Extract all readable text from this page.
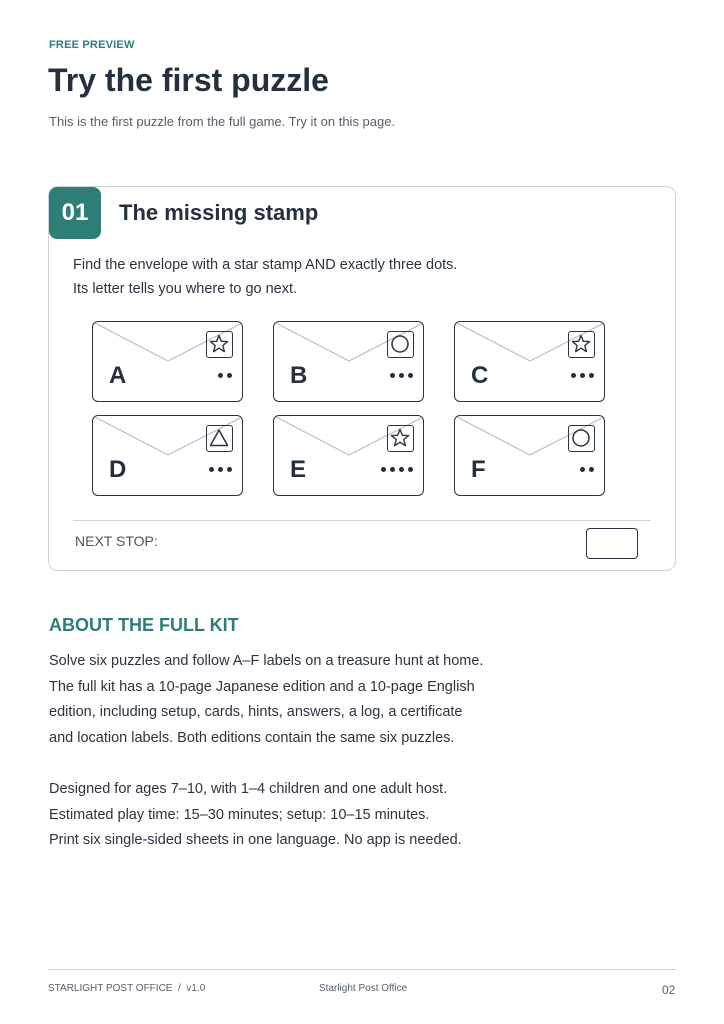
FREE PREVIEW
Try the first puzzle

This is the first puzzle from the full game. Try it on this page.

01	The missing stamp

Find the envelope with a star stamp AND exactly three dots.

Its letter tells you where to go next.

A	B	C
D	E	F
NEXT STOP:
ABOUT THE FULL KIT
Solve six puzzles and follow A–F labels on a treasure hunt at home.
The full kit has a 10-page Japanese edition and a 10-page English
edition, including setup, cards, hints, answers, a log, a certificate
and location labels. Both editions contain the same six puzzles.
Designed for ages 7–10, with 1–4 children and one adult host.
Estimated play time: 15–30 minutes; setup: 10–15 minutes.
Print six single-sided sheets in one language. No app is needed.
STARLIGHT POST OFFICE  /  v1.0	Starlight Post Office	02
